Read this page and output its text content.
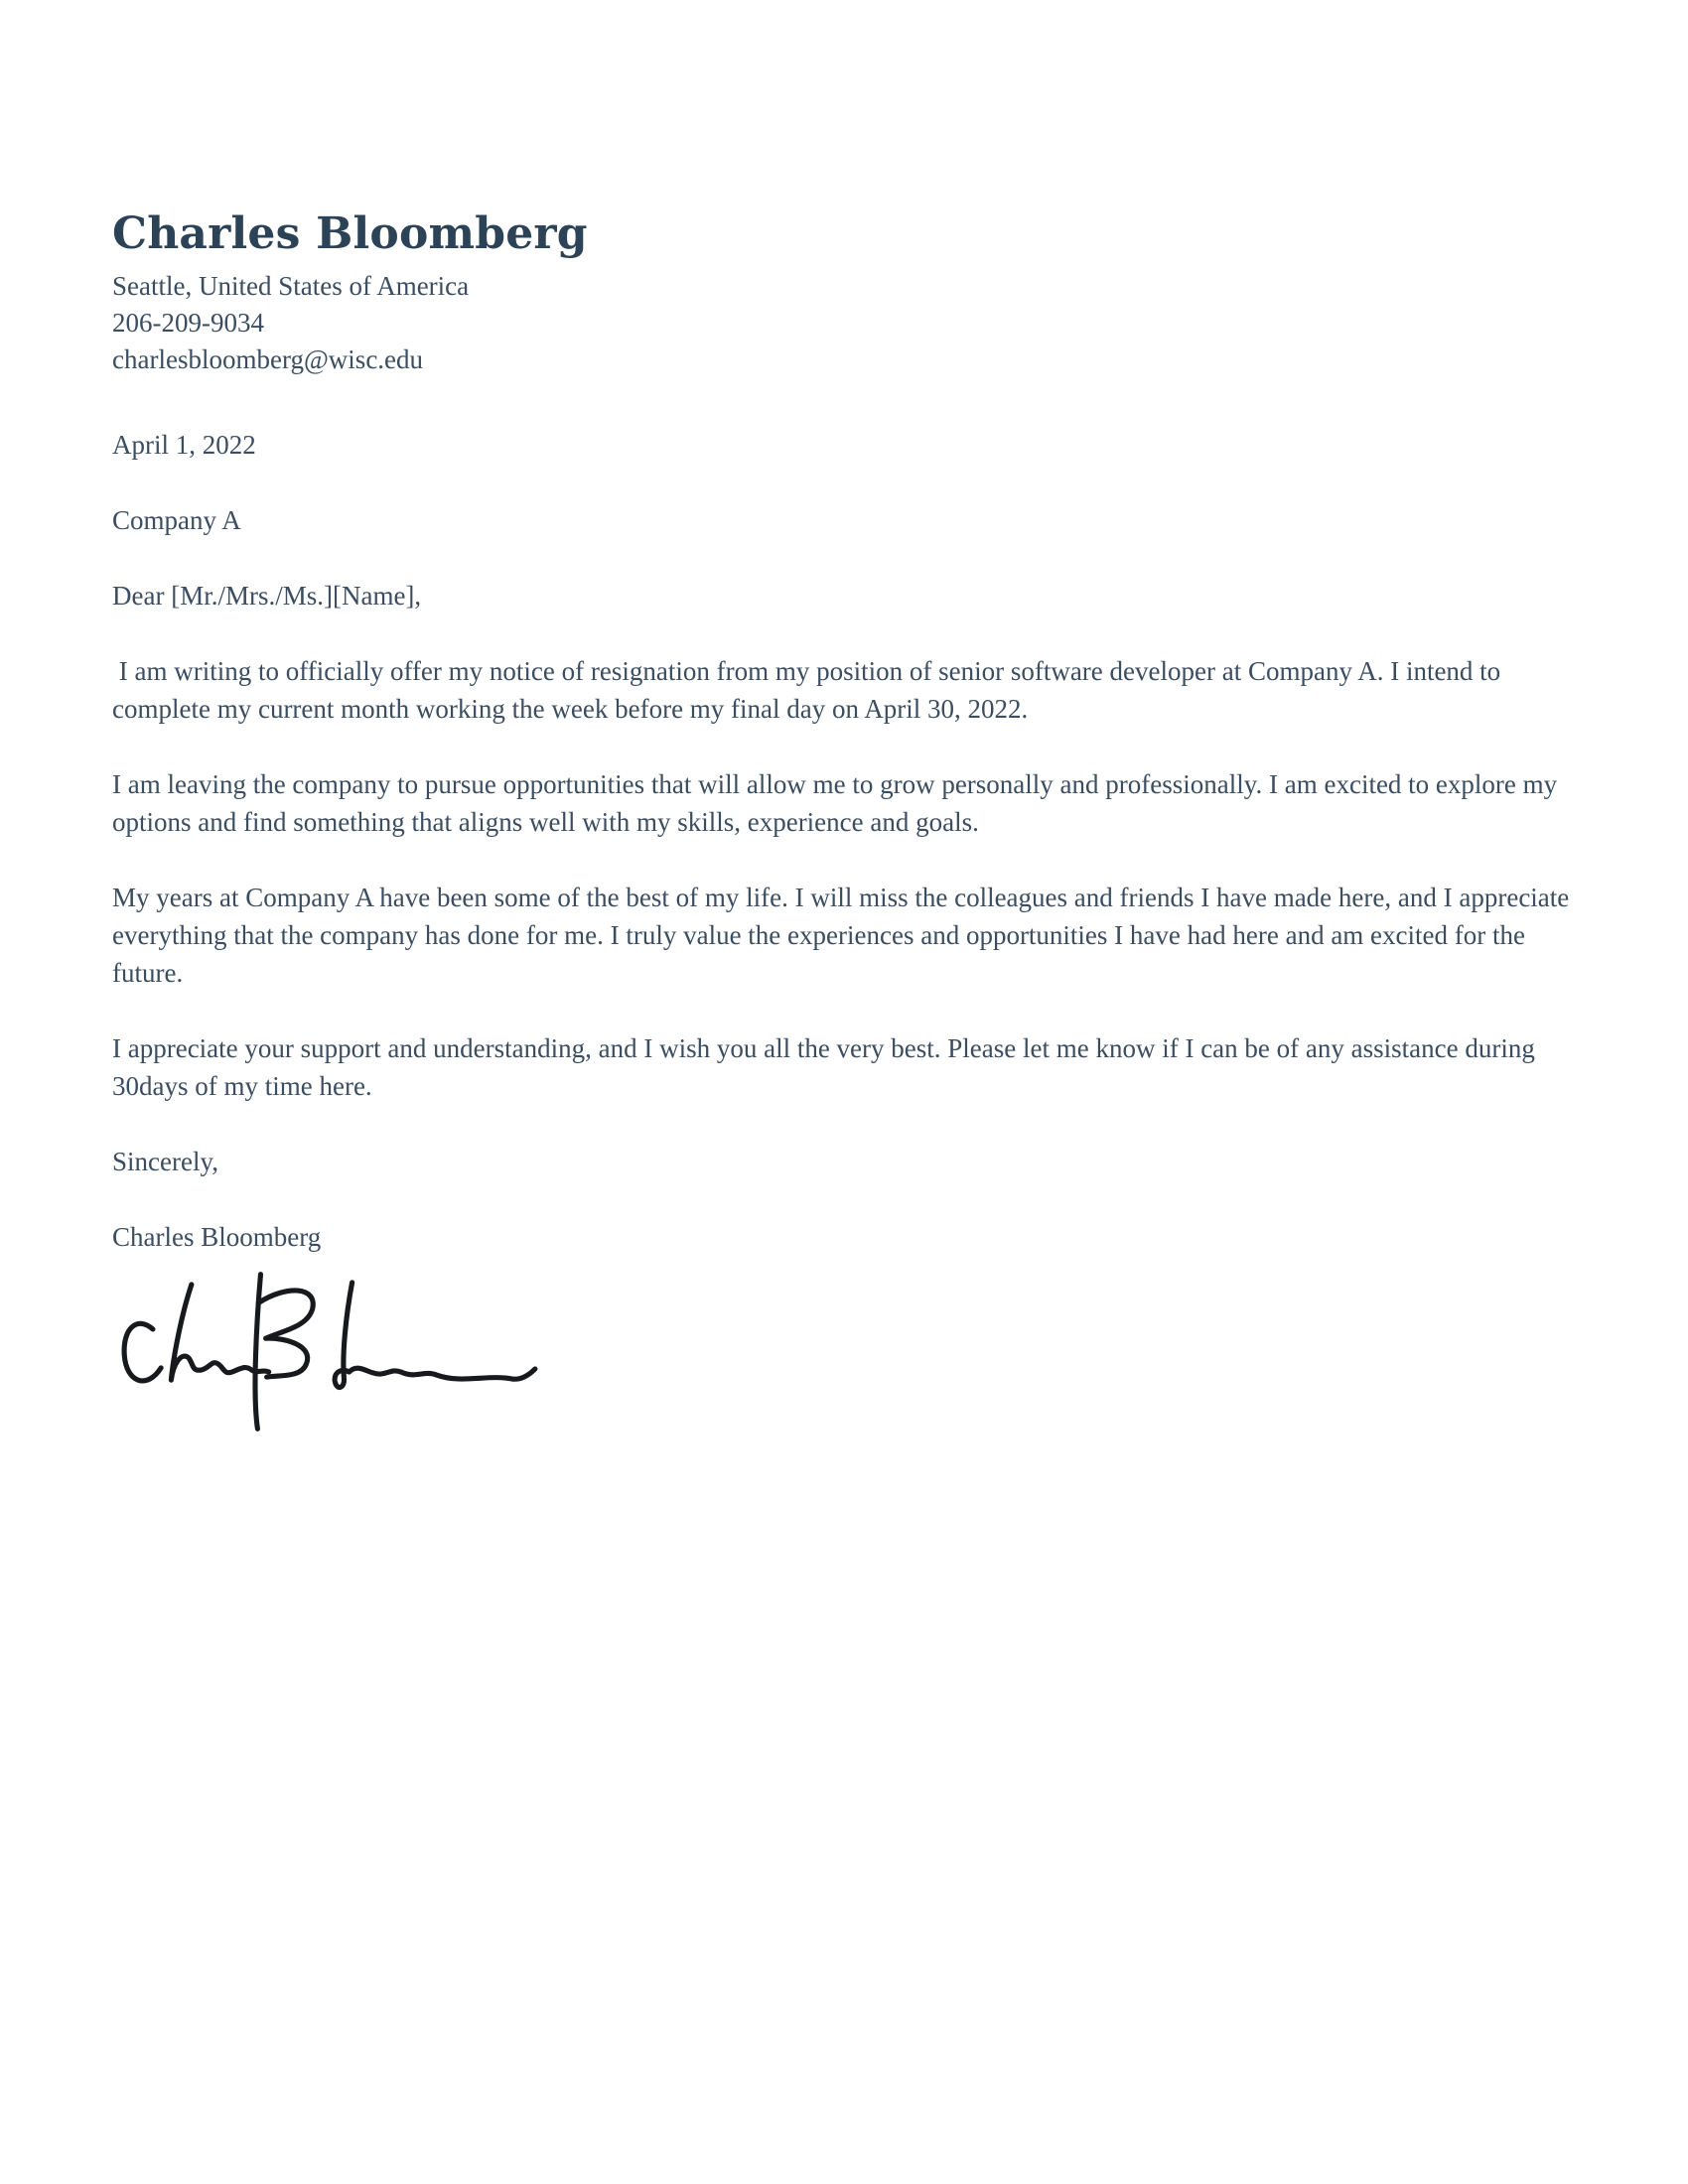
Charles Bloomberg
Seattle, United States of America
206-209-9034
charlesbloomberg@wisc.edu

April 1, 2022

Company A

Dear [Mr./Mrs./Ms.][Name],

I am writing to officially offer my notice of resignation from my position of senior software developer at Company A. I intend to complete my current month working the week before my final day on April 30, 2022.

I am leaving the company to pursue opportunities that will allow me to grow personally and professionally. I am excited to explore my options and find something that aligns well with my skills, experience and goals.

My years at Company A have been some of the best of my life. I will miss the colleagues and friends I have made here, and I appreciate everything that the company has done for me. I truly value the experiences and opportunities I have had here and am excited for the future.

I appreciate your support and understanding, and I wish you all the very best. Please let me know if I can be of any assistance during 30days of my time here.

Sincerely,

Charles Bloomberg
